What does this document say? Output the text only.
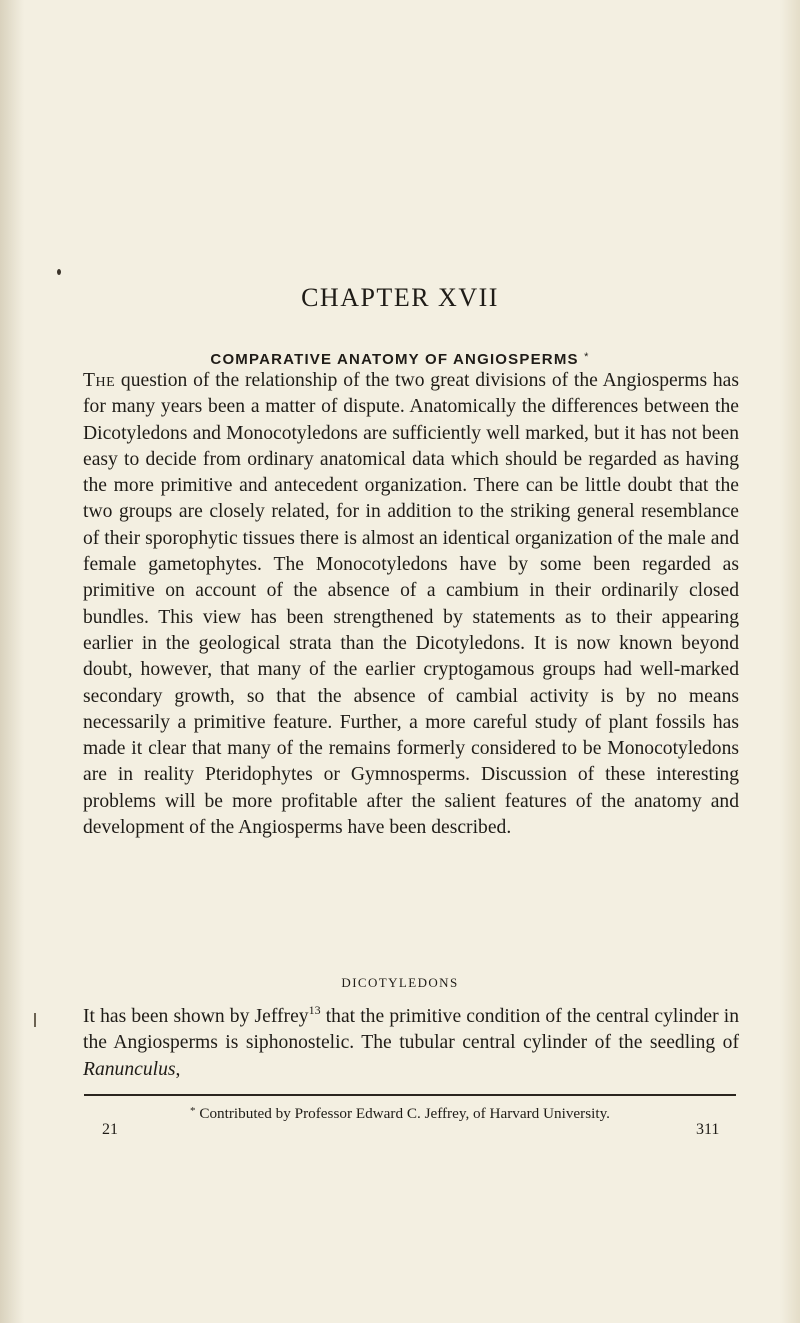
CHAPTER XVII
COMPARATIVE ANATOMY OF ANGIOSPERMS *

The question of the relationship of the two great divisions of the Angiosperms has for many years been a matter of dispute. Anatomically the differences between the Dicotyledons and Monocotyledons are sufficiently well marked, but it has not been easy to decide from ordinary anatomical data which should be regarded as having the more primitive and antecedent organization. There can be little doubt that the two groups are closely related, for in addition to the striking general resemblance of their sporophytic tissues there is almost an identical organization of the male and female gametophytes. The Monocotyledons have by some been regarded as primitive on account of the absence of a cambium in their ordinarily closed bundles. This view has been strengthened by statements as to their appearing earlier in the geological strata than the Dicotyledons. It is now known beyond doubt, however, that many of the earlier cryptogamous groups had well-marked secondary growth, so that the absence of cambial activity is by no means necessarily a primitive feature. Further, a more careful study of plant fossils has made it clear that many of the remains formerly considered to be Monocotyledons are in reality Pteridophytes or Gymnosperms. Discussion of these interesting problems will be more profitable after the salient features of the anatomy and development of the Angiosperms have been described.

DICOTYLEDONS

It has been shown by Jeffrey$^{13}$ that the primitive condition of the central cylinder in the Angiosperms is siphonostelic. The tubular central cylinder of the seedling of Ranunculus,

* Contributed by Professor Edward C. Jeffrey, of Harvard University.
21	311
